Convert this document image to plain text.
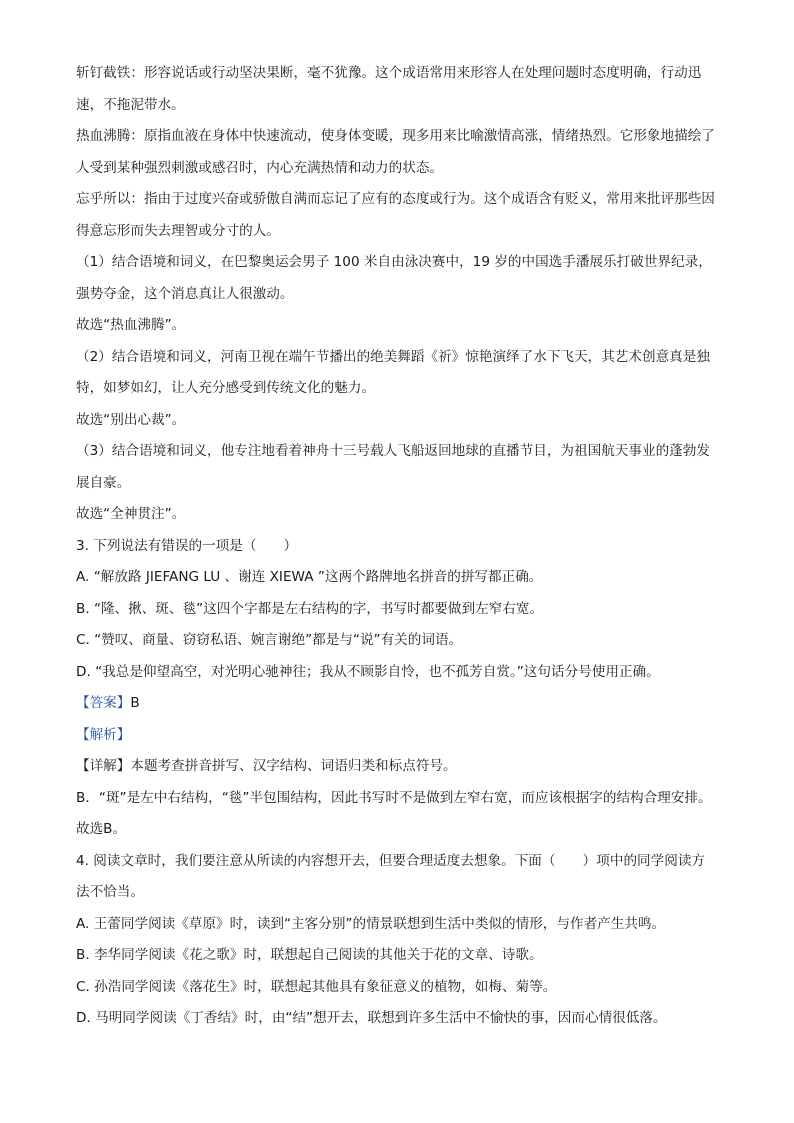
斩钉截铁：形容说话或行动坚决果断，毫不犹豫。这个成语常用来形容人在处理问题时态度明确，行动迅速，不拖泥带水。

热血沸腾：原指血液在身体中快速流动，使身体变暖，现多用来比喻激情高涨，情绪热烈。它形象地描绘了人受到某种强烈刺激或感召时，内心充满热情和动力的状态。

忘乎所以：指由于过度兴奋或骄傲自满而忘记了应有的态度或行为。这个成语含有贬义，常用来批评那些因得意忘形而失去理智或分寸的人。

（1）结合语境和词义，在巴黎奥运会男子 100 米自由泳决赛中，19 岁的中国选手潘展乐打破世界纪录，强势夺金，这个消息真让人很激动。

故选“热血沸腾”。

（2）结合语境和词义，河南卫视在端午节播出的绝美舞蹈《祈》惊艳演绎了水下飞天，其艺术创意真是独特，如梦如幻，让人充分感受到传统文化的魅力。

故选“别出心裁”。

（3）结合语境和词义，他专注地看着神舟十三号载人飞船返回地球的直播节目，为祖国航天事业的蓬勃发展自豪。

故选“全神贯注”。

3. 下列说法有错误的一项是（　　）

A. “解放路 JIEFANG LU 、谢连 XIEWA ”这两个路牌地名拼音的拼写都正确。

B. “隆、揪、斑、毯”这四个字都是左右结构的字，书写时都要做到左窄右宽。

C. “赞叹、商量、窃窃私语、婉言谢绝”都是与“说”有关的词语。

D. “我总是仰望高空，对光明心驰神往；我从不顾影自怜，也不孤芳自赏。”这句话分号使用正确。

【答案】B

【解析】

【详解】本题考查拼音拼写、汉字结构、词语归类和标点符号。

B．“斑”是左中右结构，“毯”半包围结构，因此书写时不是做到左窄右宽，而应该根据字的结构合理安排。

故选B。

4. 阅读文章时，我们要注意从所读的内容想开去，但要合理适度去想象。下面（　　）项中的同学阅读方法不恰当。

A. 王蕾同学阅读《草原》时，读到“主客分别”的情景联想到生活中类似的情形，与作者产生共鸣。

B. 李华同学阅读《花之歌》时，联想起自己阅读的其他关于花的文章、诗歌。

C. 孙浩同学阅读《落花生》时，联想起其他具有象征意义的植物，如梅、菊等。

D. 马明同学阅读《丁香结》时，由“结”想开去，联想到许多生活中不愉快的事，因而心情很低落。
